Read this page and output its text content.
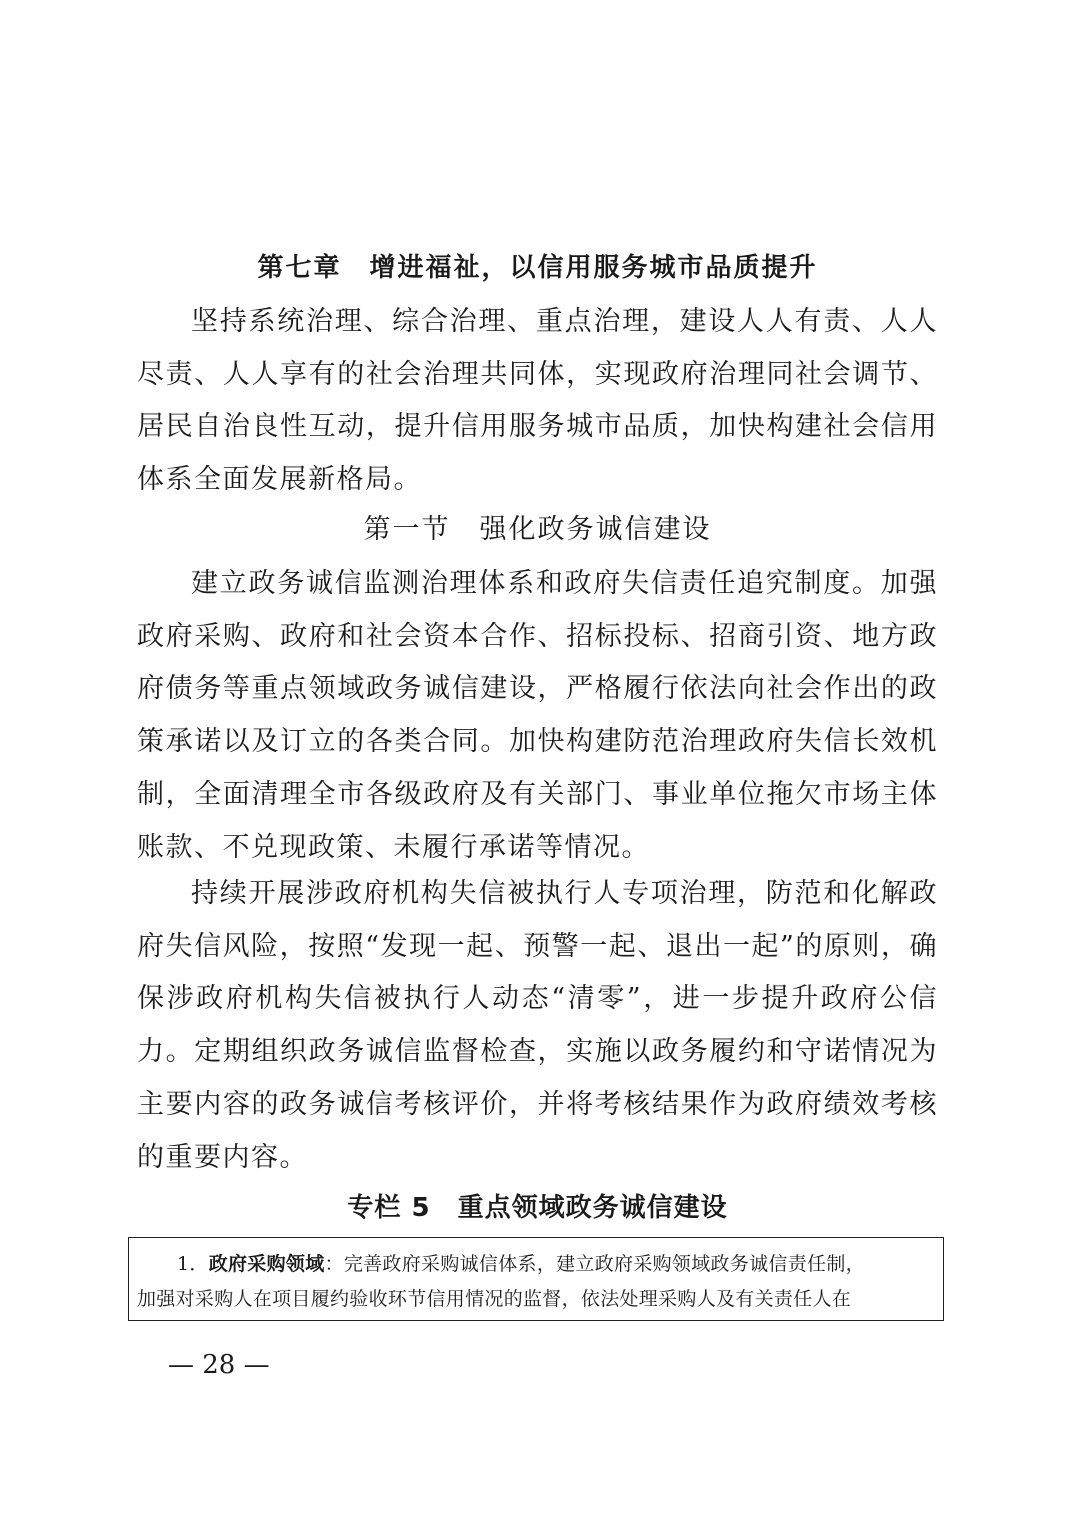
第七章　增进福祉，以信用服务城市品质提升

坚持系统治理、综合治理、重点治理，建设人人有责、人人尽责、人人享有的社会治理共同体，实现政府治理同社会调节、居民自治良性互动，提升信用服务城市品质，加快构建社会信用体系全面发展新格局。

第一节　强化政务诚信建设

建立政务诚信监测治理体系和政府失信责任追究制度。加强政府采购、政府和社会资本合作、招标投标、招商引资、地方政府债务等重点领域政务诚信建设，严格履行依法向社会作出的政策承诺以及订立的各类合同。加快构建防范治理政府失信长效机制，全面清理全市各级政府及有关部门、事业单位拖欠市场主体账款、不兑现政策、未履行承诺等情况。

持续开展涉政府机构失信被执行人专项治理，防范和化解政府失信风险，按照“发现一起、预警一起、退出一起”的原则，确保涉政府机构失信被执行人动态“清零”，进一步提升政府公信力。定期组织政务诚信监督检查，实施以政务履约和守诺情况为主要内容的政务诚信考核评价，并将考核结果作为政府绩效考核的重要内容。

专栏 5　重点领域政务诚信建设
1．政府采购领域：完善政府采购诚信体系，建立政府采购领域政务诚信责任制，
加强对采购人在项目履约验收环节信用情况的监督，依法处理采购人及有关责任人在
— 28 —
